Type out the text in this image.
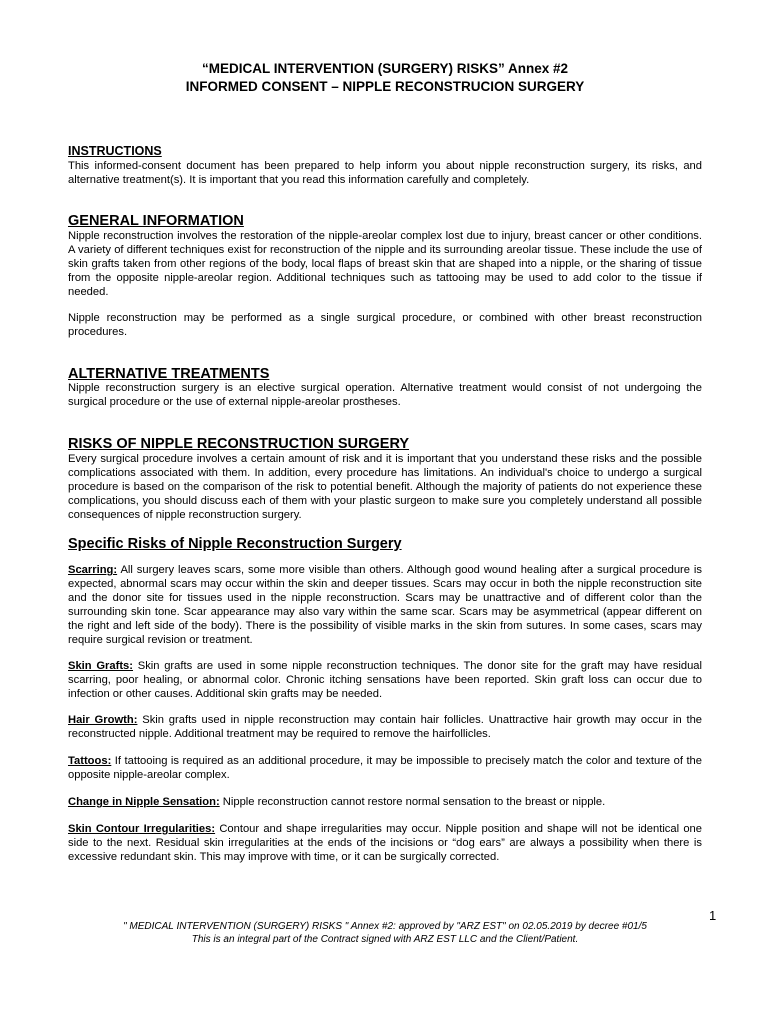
“MEDICAL INTERVENTION (SURGERY) RISKS” Annex #2
INFORMED CONSENT – NIPPLE RECONSTRUCION SURGERY
INSTRUCTIONS
This informed-consent document has been prepared to help inform you about nipple reconstruction surgery, its risks, and alternative treatment(s). It is important that you read this information carefully and completely.
GENERAL INFORMATION
Nipple reconstruction involves the restoration of the nipple-areolar complex lost due to injury, breast cancer or other conditions. A variety of different techniques exist for reconstruction of the nipple and its surrounding areolar tissue. These include the use of skin grafts taken from other regions of the body, local flaps of breast skin that are shaped into a nipple, or the sharing of tissue from the opposite nipple-areolar region. Additional techniques such as tattooing may be used to add color to the tissue if needed.
Nipple reconstruction may be performed as a single surgical procedure, or combined with other breast reconstruction procedures.
ALTERNATIVE TREATMENTS
Nipple reconstruction surgery is an elective surgical operation. Alternative treatment would consist of not undergoing the surgical procedure or the use of external nipple-areolar prostheses.
RISKS OF NIPPLE RECONSTRUCTION SURGERY
Every surgical procedure involves a certain amount of risk and it is important that you understand these risks and the possible complications associated with them. In addition, every procedure has limitations. An individual's choice to undergo a surgical procedure is based on the comparison of the risk to potential benefit. Although the majority of patients do not experience these complications, you should discuss each of them with your plastic surgeon to make sure you completely understand all possible consequences of nipple reconstruction surgery.
Specific Risks of Nipple Reconstruction Surgery
Scarring: All surgery leaves scars, some more visible than others. Although good wound healing after a surgical procedure is expected, abnormal scars may occur within the skin and deeper tissues. Scars may occur in both the nipple reconstruction site and the donor site for tissues used in the nipple reconstruction. Scars may be unattractive and of different color than the surrounding skin tone. Scar appearance may also vary within the same scar. Scars may be asymmetrical (appear different on the right and left side of the body). There is the possibility of visible marks in the skin from sutures. In some cases, scars may require surgical revision or treatment.
Skin Grafts: Skin grafts are used in some nipple reconstruction techniques. The donor site for the graft may have residual scarring, poor healing, or abnormal color. Chronic itching sensations have been reported. Skin graft loss can occur due to infection or other causes. Additional skin grafts may be needed.
Hair Growth: Skin grafts used in nipple reconstruction may contain hair follicles. Unattractive hair growth may occur in the reconstructed nipple. Additional treatment may be required to remove the hairfollicles.
Tattoos: If tattooing is required as an additional procedure, it may be impossible to precisely match the color and texture of the opposite nipple-areolar complex.
Change in Nipple Sensation: Nipple reconstruction cannot restore normal sensation to the breast or nipple.
Skin Contour Irregularities: Contour and shape irregularities may occur. Nipple position and shape will not be identical one side to the next. Residual skin irregularities at the ends of the incisions or “dog ears” are always a possibility when there is excessive redundant skin. This may improve with time, or it can be surgically corrected.
1
" MEDICAL INTERVENTION (SURGERY) RISKS " Annex #2: approved by "ARZ EST" on 02.05.2019 by decree #01/5
This is an integral part of the Contract signed with ARZ EST LLC and the Client/Patient.
